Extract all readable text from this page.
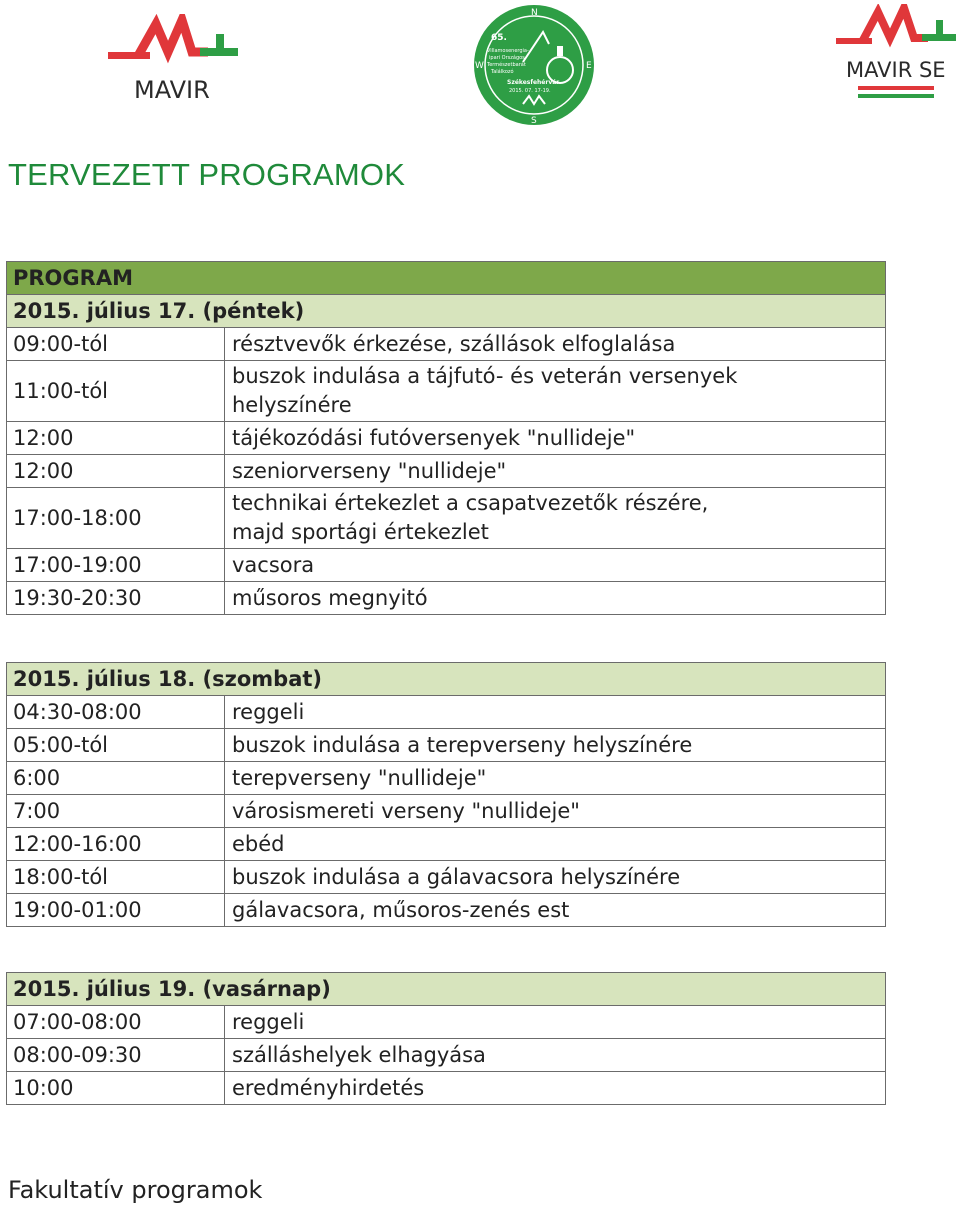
MAVIR
N
E
S
W
65.
Villamosenergia-
ipari Országos
Természetbarát
Találkozó
Székesfehérvár
2015. 07. 17-19.
MAVIR SE
TERVEZETT PROGRAMOK
PROGRAM	
2015. július 17. (péntek)	
09:00-tól	résztvevők érkezése, szállások elfoglalása
11:00-tól	buszok indulása a tájfutó- és veterán versenyek
helyszínére

12:00	tájékozódási futóversenyek "nullideje"
12:00	szeniorverseny "nullideje"
17:00-18:00	technikai értekezlet a csapatvezetők részére,
majd sportági értekezlet

17:00-19:00	vacsora
19:30-20:30	műsoros megnyitó
2015. július 18. (szombat)	
04:30-08:00	reggeli
05:00-tól	buszok indulása a terepverseny helyszínére
6:00	terepverseny "nullideje"
7:00	városismereti verseny "nullideje"
12:00-16:00	ebéd
18:00-tól	buszok indulása a gálavacsora helyszínére
19:00-01:00	gálavacsora, műsoros-zenés est
2015. július 19. (vasárnap)	
07:00-08:00	reggeli
08:00-09:30	szálláshelyek elhagyása
10:00	eredményhirdetés
Fakultatív programok
